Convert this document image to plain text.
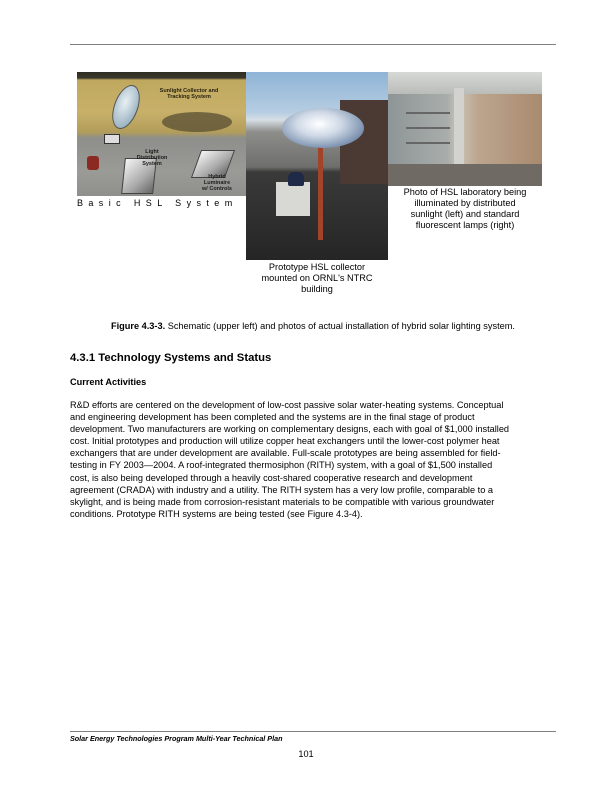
Sunlight Collector and
Tracking System
Light
Distribution
System
Hybrid
Luminaire
w/ Controls
Basic HSL System
Prototype HSL collector
mounted on ORNL's NTRC
building
Photo of HSL laboratory being
illuminated by distributed
sunlight (left) and standard
fluorescent lamps (right)
Figure 4.3-3. Schematic (upper left) and photos of actual installation of hybrid solar lighting system.
4.3.1 Technology Systems and Status
Current Activities
R&D efforts are centered on the development of low-cost passive solar water-heating systems. Conceptual
and engineering development has been completed and the systems are in the final stage of product
development. Two manufacturers are working on complementary designs, each with goal of $1,000 installed
cost. Initial prototypes and production will utilize copper heat exchangers until the lower-cost polymer heat
exchangers that are under development are available. Full-scale prototypes are being assembled for field-
testing in FY 2003—2004. A roof-integrated thermosiphon (RITH) system, with a goal of $1,500 installed
cost, is also being developed through a heavily cost-shared cooperative research and development
agreement (CRADA) with industry and a utility. The RITH system has a very low profile, comparable to a
skylight, and is being made from corrosion-resistant materials to be compatible with various groundwater
conditions. Prototype RITH systems are being tested (see Figure 4.3-4).
Solar Energy Technologies Program Multi-Year Technical Plan
101
